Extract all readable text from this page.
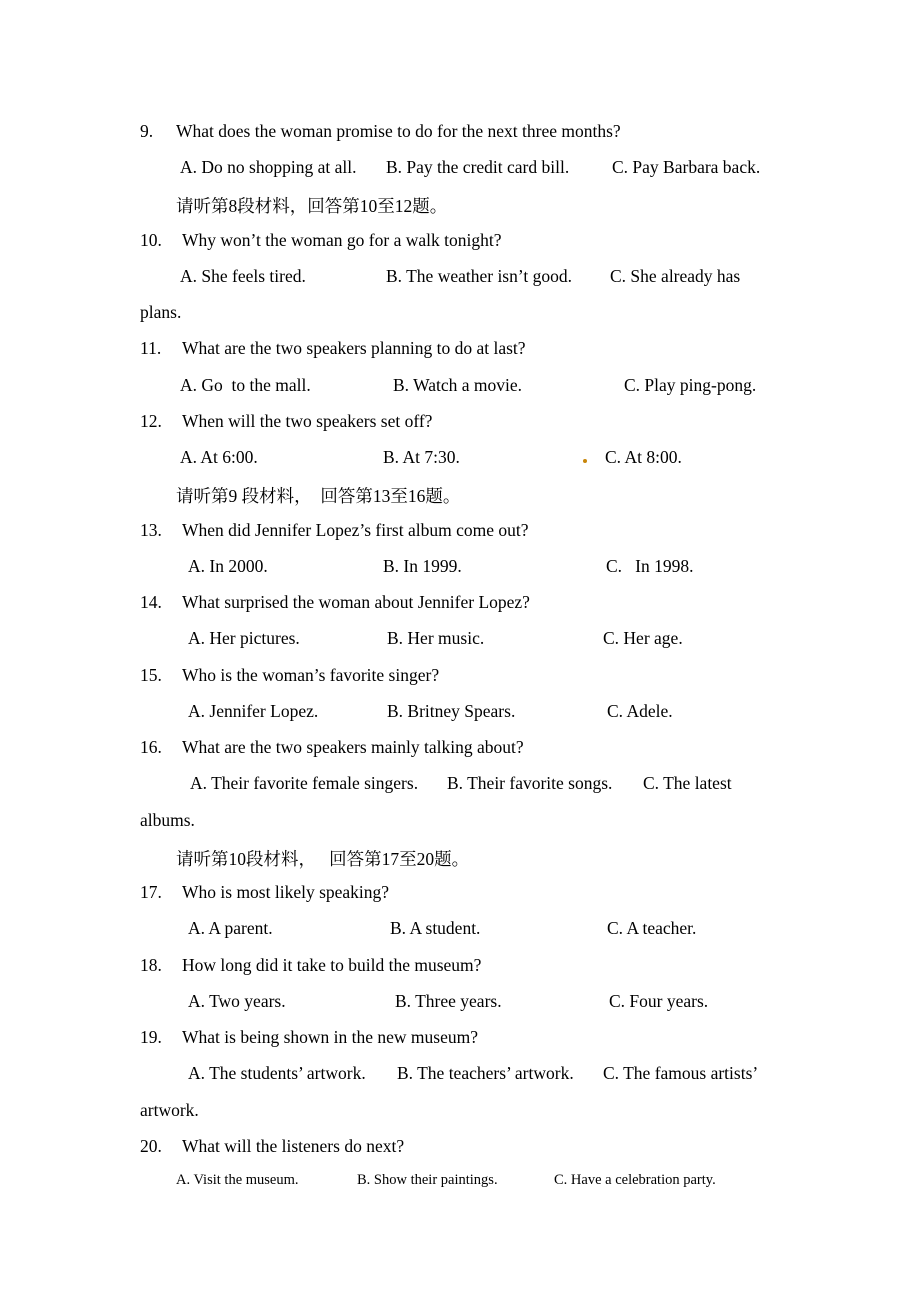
9. What does the woman promise to do for the next three months?
A. Do no shopping at all. B. Pay the credit card bill. C. Pay Barbara back.
请听第8段材料，回答第10至12题。
10. Why won’t the woman go for a walk tonight?
A. She feels tired.	B. The weather isn’t good. C. She already has
plans.
11. What are the two speakers planning to do at last?
A. Go  to the mall.	B. Watch a movie.	C. Play ping-pong.
12. When will the two speakers set off?
A. At 6:00.	B. At 7:30.	C. At 8:00.
请听第9 段材料，  回答第13至16题。
13. When did Jennifer Lopez’s first album come out?
A. In 2000.	B. In 1999.	C.   In 1998.
14. What surprised the woman about Jennifer Lopez?
A. Her pictures.	B. Her music.	C. Her age.
15. Who is the woman’s favorite singer?
A. Jennifer Lopez.	B. Britney Spears.	C. Adele.
16. What are the two speakers mainly talking about?
A. Their favorite female singers. B. Their favorite songs. C. The latest
albums.
请听第10段材料，   回答第17至20题。
17. Who is most likely speaking?
A. A parent.	B. A student.	C. A teacher.
18. How long did it take to build the museum?
A. Two years.	B. Three years.	C. Four years.
19. What is being shown in the new museum?
A. The students’ artwork. B. The teachers’ artwork. C. The famous artists’
artwork.
20. What will the listeners do next?
A. Visit the museum.	B. Show their paintings.	C. Have a celebration party.
